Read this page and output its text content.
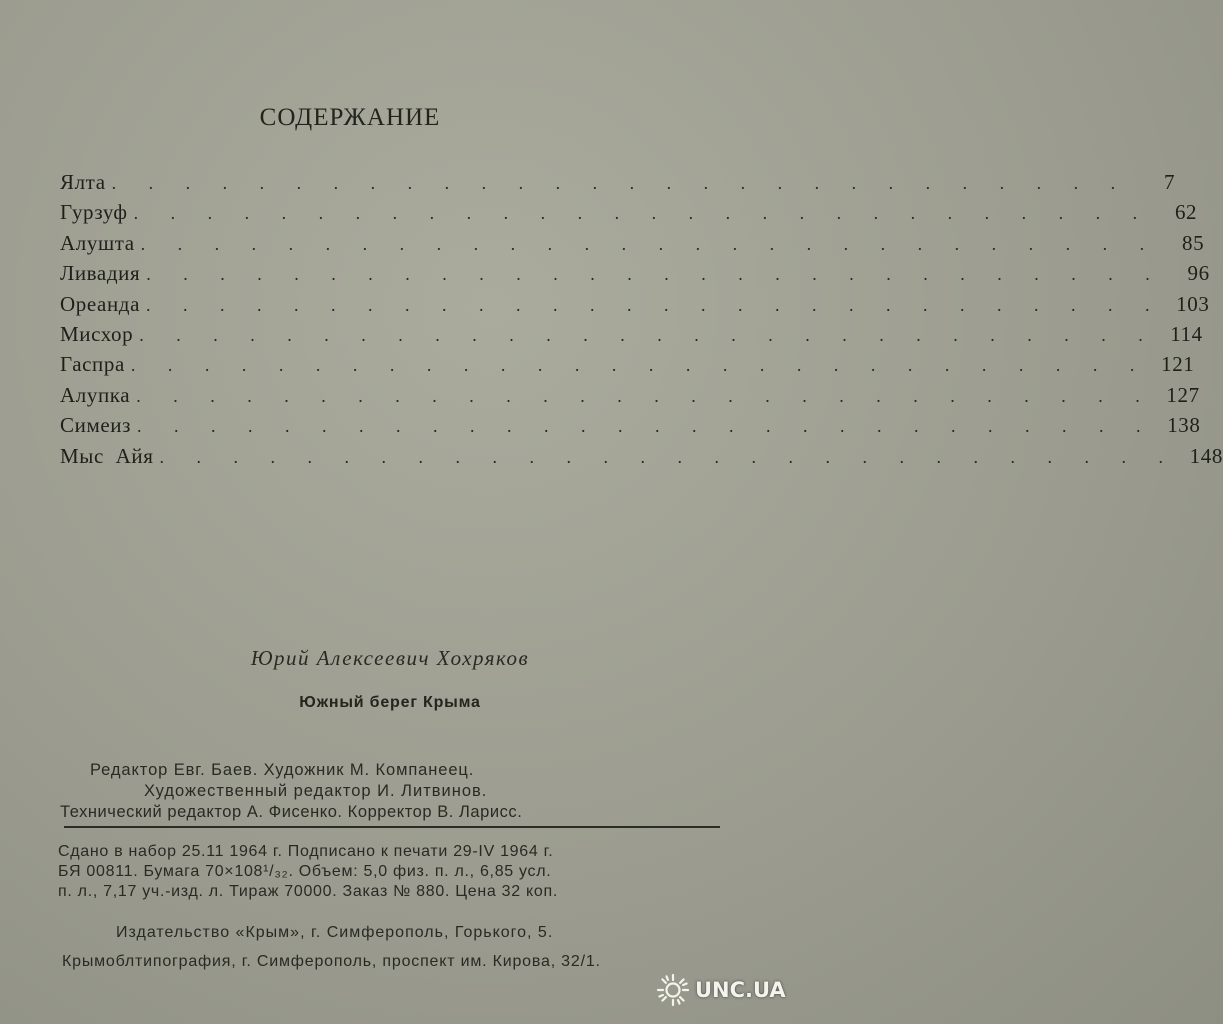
СОДЕРЖАНИЕ
Ялта . . . . . . . . . . . . . . . . . . . . . . . . . . . .	7
Гурзуф . . . . . . . . . . . . . . . . . . . . . . . . . . . .	62
Алушта . . . . . . . . . . . . . . . . . . . . . . . . . . . .	85
Ливадия . . . . . . . . . . . . . . . . . . . . . . . . . . . .	96
Ореанда . . . . . . . . . . . . . . . . . . . . . . . . . . . . 103
Мисхор . . . . . . . . . . . . . . . . . . . . . . . . . . . . 114
Гаспра . . . . . . . . . . . . . . . . . . . . . . . . . . . . 121
Алупка . . . . . . . . . . . . . . . . . . . . . . . . . . . . 127
Симеиз . . . . . . . . . . . . . . . . . . . . . . . . . . . . 138
Мыс  Айя . . . . . . . . . . . . . . . . . . . . . . . . . . . . 148
Юрий Алексеевич Хохряков
Южный берег Крыма
Редактор Евг. Баев. Художник М. Компанеец.
Художественный редактор И. Литвинов.
Технический редактор А. Фисенко. Корректор В. Ларисс.
Сдано в набор 25.11 1964 г. Подписано к печати 29-IV 1964 г.
БЯ 00811. Бумага 70×108¹/₃₂. Объем: 5,0 физ. п. л., 6,85 усл.
п. л., 7,17 уч.-изд. л. Тираж 70000. Заказ № 880. Цена 32 коп.
Издательство «Крым», г. Симферополь, Горького, 5.
Крымоблтипография, г. Симферополь, проспект им. Кирова, 32/1.
UNC.UA
